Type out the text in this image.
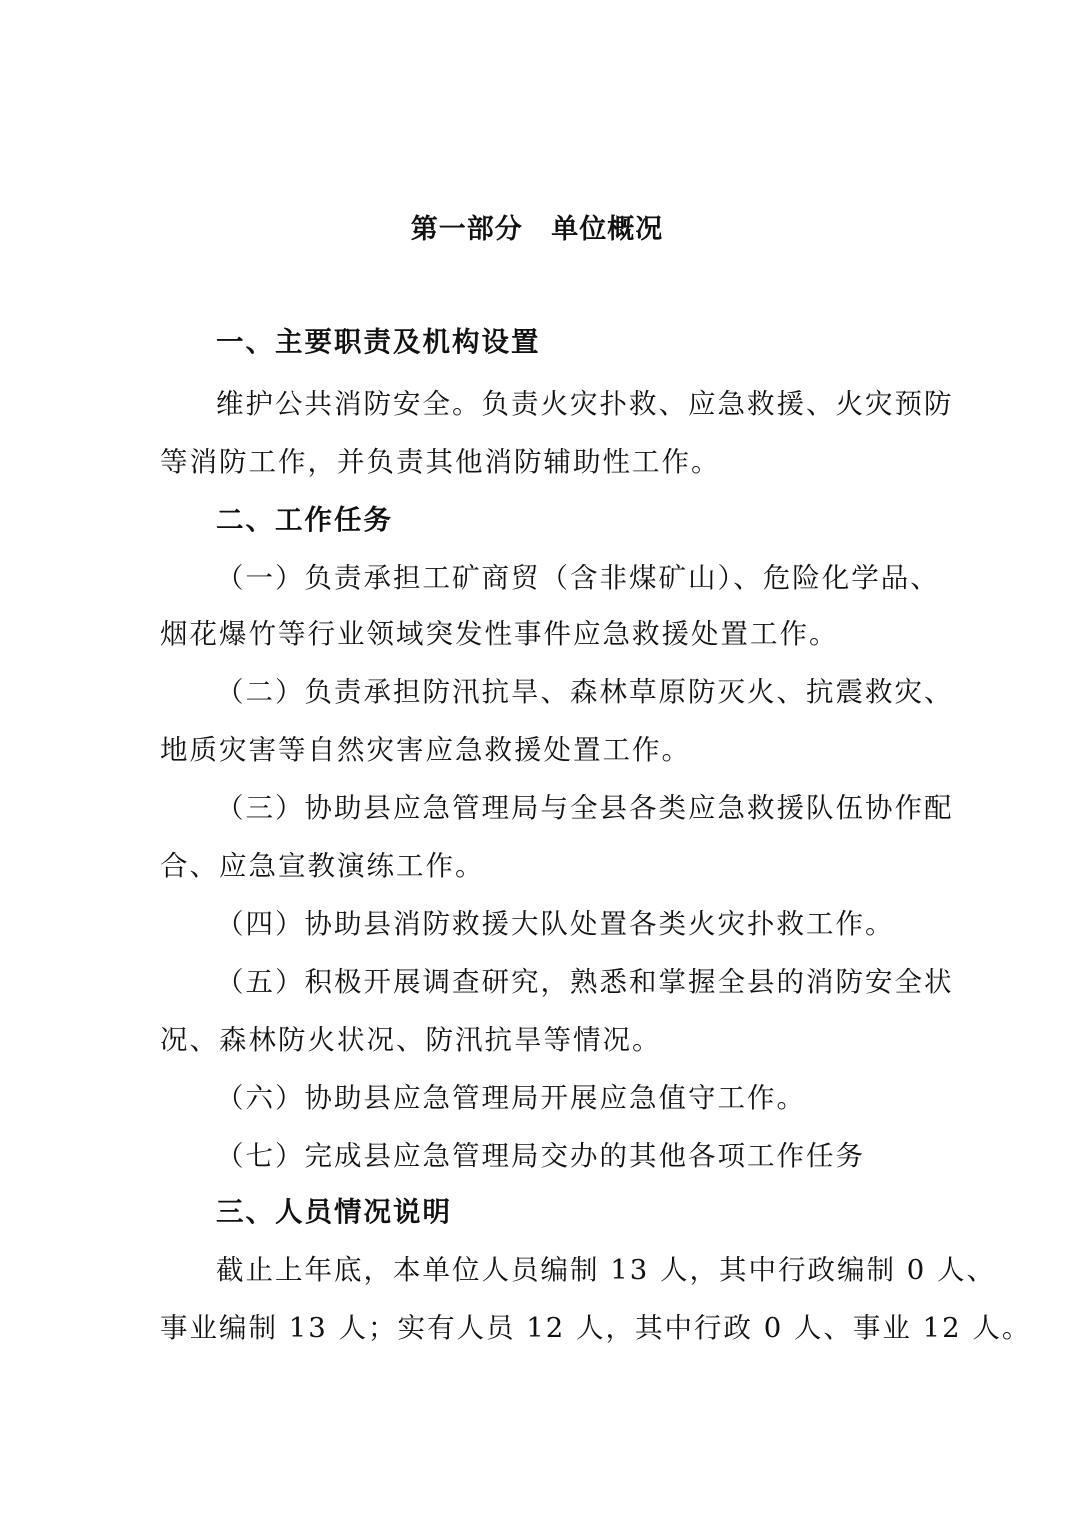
第一部分 单位概况
一、主要职责及机构设置
维护公共消防安全。负责火灾扑救、应急救援、火灾预防
等消防工作，并负责其他消防辅助性工作。
二、工作任务
（一）负责承担工矿商贸（含非煤矿山）、危险化学品、
烟花爆竹等行业领域突发性事件应急救援处置工作。
（二）负责承担防汛抗旱、森林草原防灭火、抗震救灾、
地质灾害等自然灾害应急救援处置工作。
（三）协助县应急管理局与全县各类应急救援队伍协作配
合、应急宣教演练工作。
（四）协助县消防救援大队处置各类火灾扑救工作。
（五）积极开展调查研究，熟悉和掌握全县的消防安全状
况、森林防火状况、防汛抗旱等情况。
（六）协助县应急管理局开展应急值守工作。
（七）完成县应急管理局交办的其他各项工作任务
三、人员情况说明
截止上年底，本单位人员编制 13 人，其中行政编制 0 人、
事业编制 13 人；实有人员 12 人，其中行政 0 人、事业 12 人。
